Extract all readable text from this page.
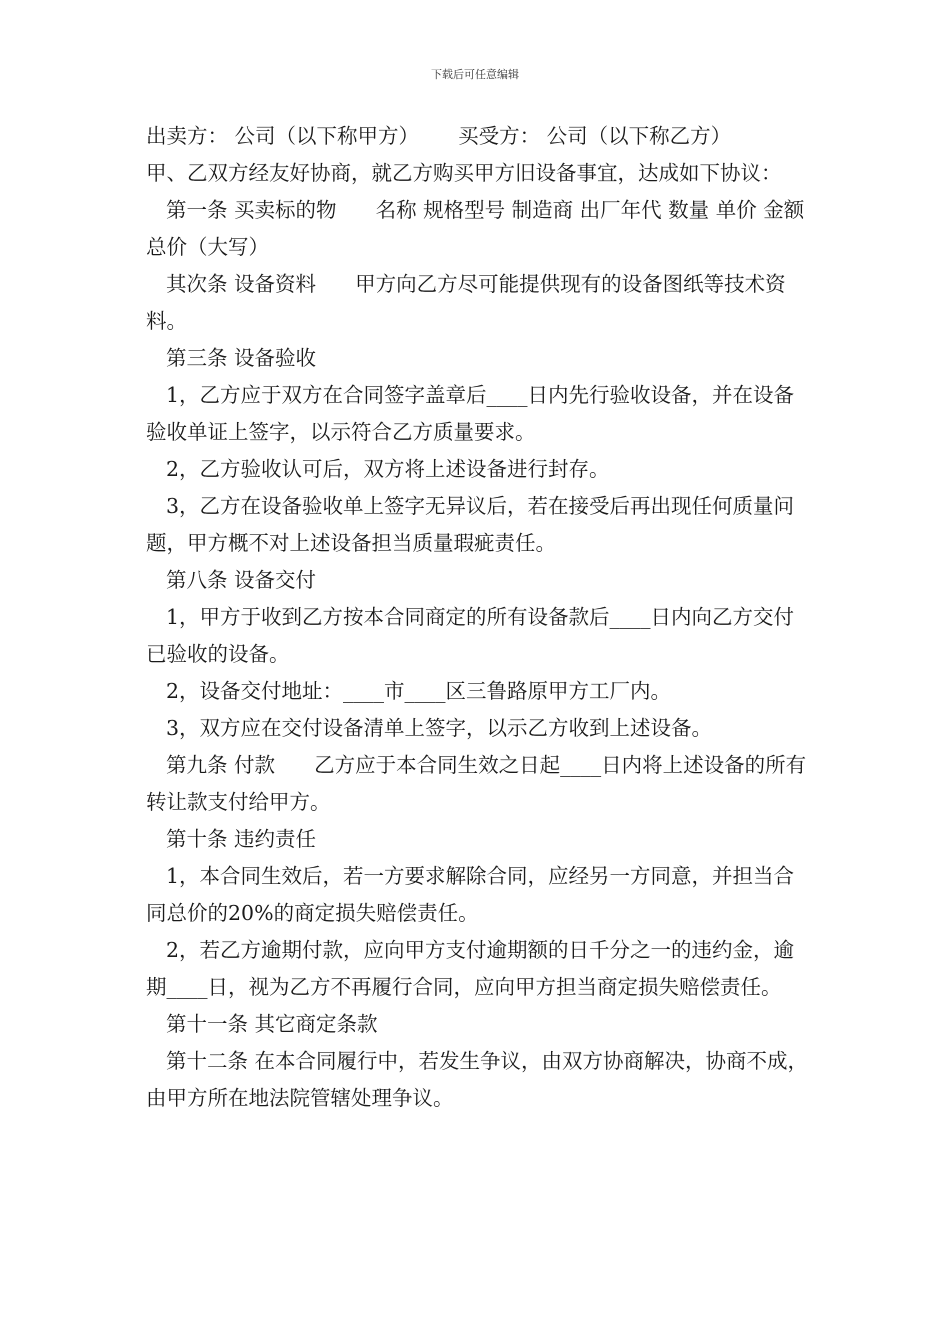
下载后可任意编辑

出卖方： 公司（以下称甲方）      买受方： 公司（以下称乙方）

甲、乙双方经友好协商，就乙方购买甲方旧设备事宜，达成如下协议：

第一条 买卖标的物      名称 规格型号 制造商 出厂年代 数量 单价 金额      总价（大写）

其次条 设备资料      甲方向乙方尽可能提供现有的设备图纸等技术资料。

第三条 设备验收

1，乙方应于双方在合同签字盖章后____日内先行验收设备，并在设备验收单证上签字，以示符合乙方质量要求。

2，乙方验收认可后，双方将上述设备进行封存。

3，乙方在设备验收单上签字无异议后，若在接受后再出现任何质量问题，甲方概不对上述设备担当质量瑕疵责任。

第八条 设备交付

1，甲方于收到乙方按本合同商定的所有设备款后____日内向乙方交付已验收的设备。

2，设备交付地址：____市____区三鲁路原甲方工厂内。

3，双方应在交付设备清单上签字，以示乙方收到上述设备。

第九条 付款      乙方应于本合同生效之日起____日内将上述设备的所有转让款支付给甲方。

第十条 违约责任

1，本合同生效后，若一方要求解除合同，应经另一方同意，并担当合同总价的20%的商定损失赔偿责任。

2，若乙方逾期付款，应向甲方支付逾期额的日千分之一的违约金，逾期____日，视为乙方不再履行合同，应向甲方担当商定损失赔偿责任。

第十一条 其它商定条款

第十二条 在本合同履行中，若发生争议，由双方协商解决，协商不成，由甲方所在地法院管辖处理争议。
